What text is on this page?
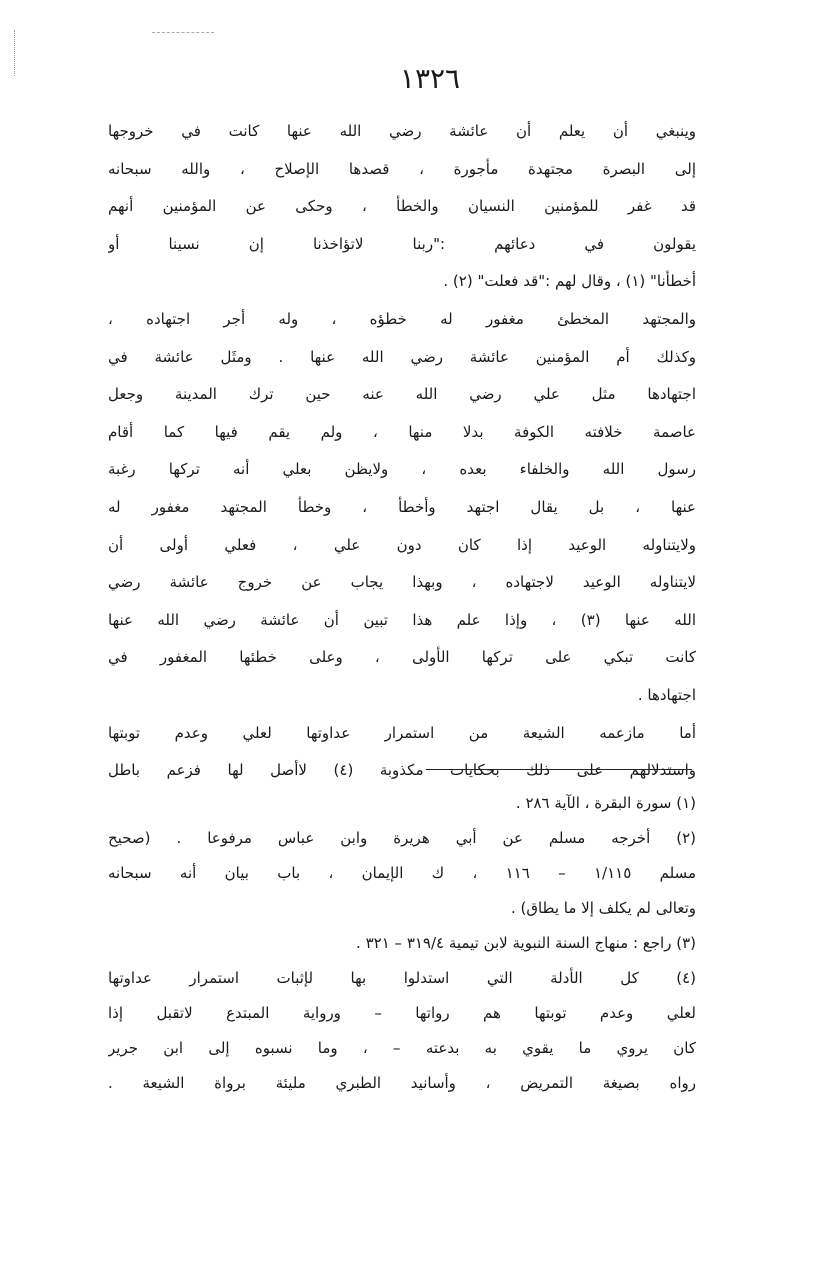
١٣٢٦
وينبغي أن يعلم أن عائشة رضي الله عنها كانت في خروجها
إلى البصرة مجتهدة مأجورة ، قصدها الإصلاح ، والله سبحانه
قد غفر للمؤمنين النسيان والخطأ ، وحكى عن المؤمنين أنهم
يقولون في دعائهم :"ربنا لاتؤاخذنا إن نسينا أو
أخطأنا" (١) ، وقال لهم :"قد فعلت" (٢) .
والمجتهد المخطئ مغفور له خطؤه ، وله أجر اجتهاده ،
وكذلك أم المؤمنين عائشة رضي الله عنها . ومثَل عائشة في
اجتهادها مثل علي رضي الله عنه حين ترك المدينة وجعل
عاصمة خلافته الكوفة بدلا منها ، ولم يقم فيها كما أقام
رسول الله والخلفاء بعده ، ولايظن بعلي أنه تركها رغبة
عنها ، بل يقال اجتهد وأخطأ ، وخطأ المجتهد مغفور له
ولايتناوله الوعيد إذا كان دون علي ، فعلي أولى أن
لايتناوله الوعيد لاجتهاده ، وبهذا يجاب عن خروج عائشة رضي
الله عنها (٣) ، وإذا علم هذا تبين أن عائشة رضي الله عنها
كانت تبكي على تركها الأولى ، وعلى خطئها المغفور في
اجتهادها .
أما مازعمه الشيعة من استمرار عداوتها لعلي وعدم توبتها
واستدلالهم على ذلك بحكايات مكذوبة (٤) لاأصل لها فزعم باطل
(١) سورة البقرة ، الآية ٢٨٦ .
(٢) أخرجه مسلم عن أبي هريرة وابن عباس مرفوعا . (صحيح
مسلم ١/١١٥ – ١١٦ ، ك الإيمان ، باب بيان أنه سبحانه
وتعالى لم يكلف إلا ما يطاق) .
(٣) راجع : منهاج السنة النبوية لابن تيمية ٣١٩/٤ – ٣٢١ .
(٤) كل الأدلة التي استدلوا بها لإثبات استمرار عداوتها
لعلي وعدم توبتها هم رواتها – ورواية المبتدع لاتقبل إذا
كان يروي ما يقوي به بدعته – ، وما نسبوه إلى ابن جرير
رواه بصيغة التمريض ، وأسانيد الطبري مليئة برواة الشيعة .
